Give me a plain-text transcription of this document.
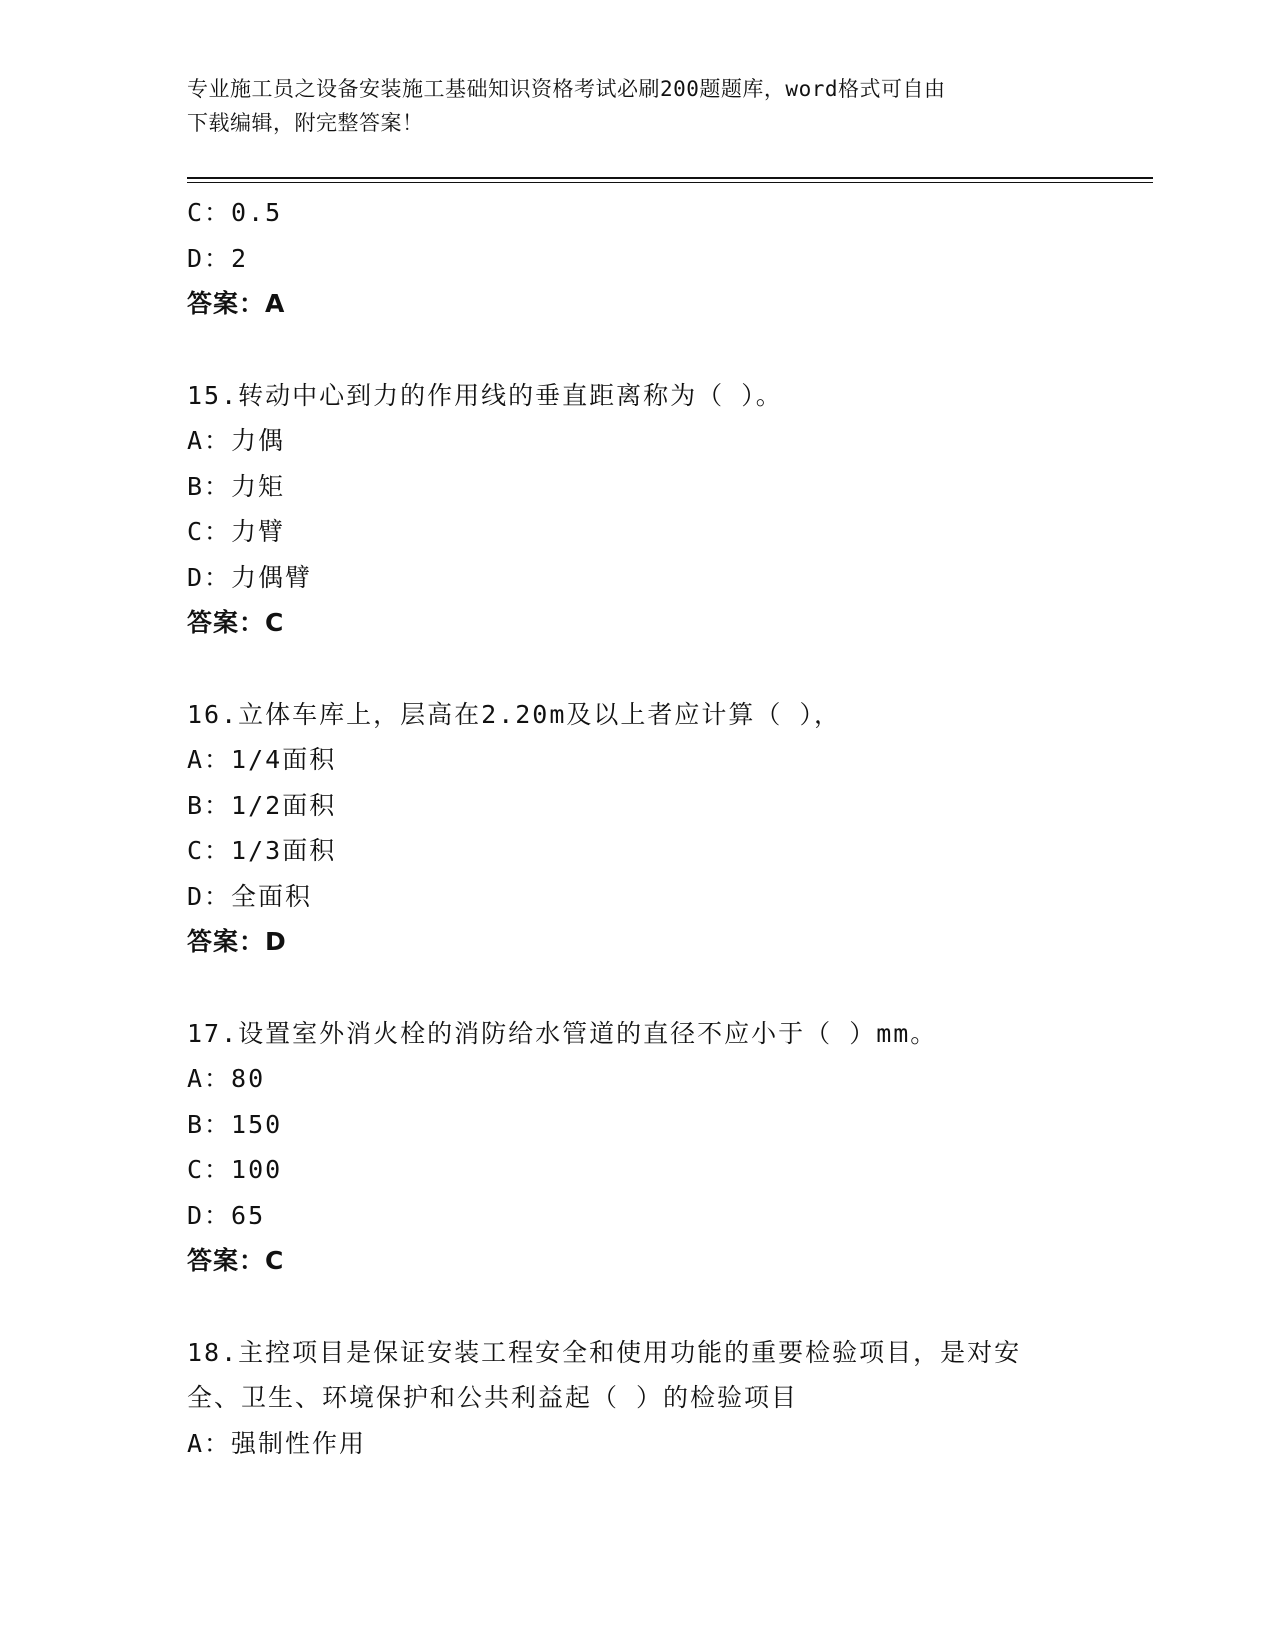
专业施工员之设备安装施工基础知识资格考试必刷200题题库，word格式可自由
下载编辑，附完整答案！
C：0.5
D：2
答案：A
15.转动中心到力的作用线的垂直距离称为（ ）。
A：力偶
B：力矩
C：力臂
D：力偶臂
答案：C
16.立体车库上，层高在2.20m及以上者应计算（ ），
A：1/4面积
B：1/2面积
C：1/3面积
D：全面积
答案：D
17.设置室外消火栓的消防给水管道的直径不应小于（ ）mm。
A：80
B：150
C：100
D：65
答案：C
18.主控项目是保证安装工程安全和使用功能的重要检验项目，是对安
全、卫生、环境保护和公共利益起（ ）的检验项目
A：强制性作用
